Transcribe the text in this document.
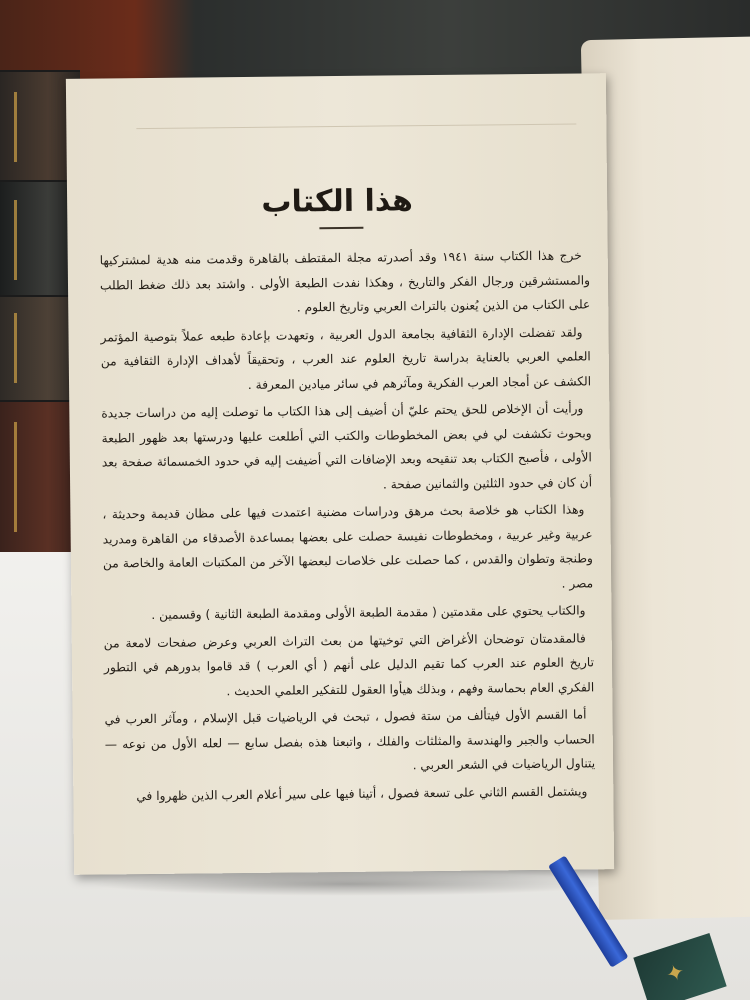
هذا الكتاب

خرج هذا الكتاب سنة ١٩٤١ وقد أصدرته مجلة المقتطف بالقاهرة وقدمت منه هدية لمشتركيها والمستشرقين ورجال الفكر والتاريخ ، وهكذا نفدت الطبعة الأولى . واشتد بعد ذلك ضغط الطلب على الكتاب من الذين يُعنون بالتراث العربي وتاريخ العلوم .

ولقد تفضلت الإدارة الثقافية بجامعة الدول العربية ، وتعهدت بإعادة طبعه عملاً بتوصية المؤتمر العلمي العربي بالعناية بدراسة تاريخ العلوم عند العرب ، وتحقيقاً لأهداف الإدارة الثقافية من الكشف عن أمجاد العرب الفكرية ومآثرهم في سائر ميادين المعرفة .

ورأيت أن الإخلاص للحق يحتم عليّ أن أضيف إلى هذا الكتاب ما توصلت إليه من دراسات جديدة وبحوث تكشفت لي في بعض المخطوطات والكتب التي أطلعت عليها ودرستها بعد ظهور الطبعة الأولى ، فأصبح الكتاب بعد تنقيحه وبعد الإضافات التي أضيفت إليه في حدود الخمسمائة صفحة بعد أن كان في حدود الثلثين والثمانين صفحة .

وهذا الكتاب هو خلاصة بحث مرهق ودراسات مضنية اعتمدت فيها على مظان قديمة وحديثة ، عربية وغير عربية ، ومخطوطات نفيسة حصلت على بعضها بمساعدة الأصدقاء من القاهرة ومدريد وطنجة وتطوان والقدس ، كما حصلت على خلاصات لبعضها الآخر من المكتبات العامة والخاصة من مصر .

والكتاب يحتوي على مقدمتين ( مقدمة الطبعة الأولى ومقدمة الطبعة الثانية ) وقسمين .

فالمقدمتان توضحان الأغراض التي توخيتها من بعث التراث العربي وعرض صفحات لامعة من تاريخ العلوم عند العرب كما تقيم الدليل على أنهم ( أي العرب ) قد قاموا بدورهم في التطور الفكري العام بحماسة وفهم ، وبذلك هيأوا العقول للتفكير العلمي الحديث .

أما القسم الأول فيتألف من ستة فصول ، تبحث في الرياضيات قبل الإسلام ، ومآثر العرب في الحساب والجبر والهندسة والمثلثات والفلك ، واتبعنا هذه بفصل سابع — لعله الأول من نوعه — يتناول الرياضيات في الشعر العربي .

ويشتمل القسم الثاني على تسعة فصول ، أتينا فيها على سير أعلام العرب الذين ظهروا في

✦
